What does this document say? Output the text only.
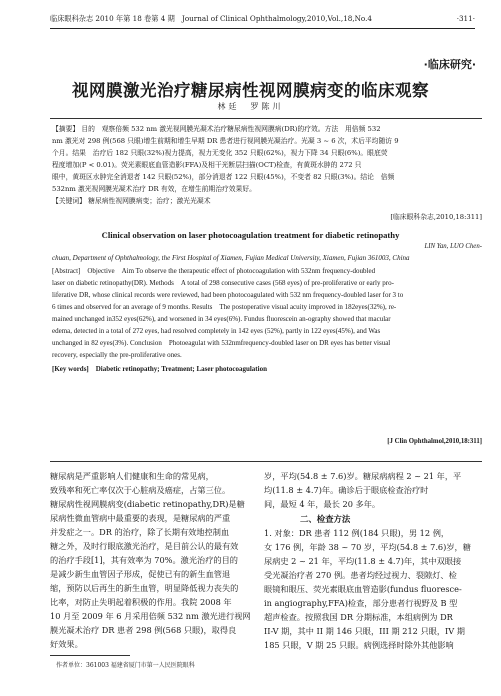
临床眼科杂志 2010 年第 18 卷第 4 期　Journal of Clinical Ophthalmology,2010,Vol.,18,No.4	·311·
·临床研究·
视网膜激光治疗糖尿病性视网膜病变的临床观察
林廷　罗陈川
【摘要】 目的　观察倍频 532 nm 激光视网膜光凝术治疗糖尿病性视网膜病(DR)的疗效。方法　用倍频 532
nm 激光对 298 例(568 只眼)增生前期和增生早期 DR 患者进行视网膜光凝治疗。光凝 3 ~ 6 次，术后平均随访 9
个月。结果　治疗后 182 只眼(32%)视力提高，视力无变化 352 只眼(62%)，视力下降 34 只眼(6%)。眼底荧
程度增加(P < 0.01)。荧光素眼底血管造影(FFA)及相干光断层扫描(OCT)检查，有黄斑水肿的 272 只
眼中，黄斑区水肿完全消退者 142 只眼(52%)，部分消退者 122 只眼(45%)，不变者 82 只眼(3%)。结论　倍频
532nm 激光视网膜光凝术治疗 DR 有效，在增生前期治疗效果好。
【关键词】 糖尿病性视网膜病变；治疗；激光光凝术
[临床眼科杂志,2010,18:311]
Clinical observation on laser photocoagulation treatment for diabetic retinopathy
LIN Yan, LUO Chen-
chuan, Department of Ophthalmology, the First Hospital of Xiamen, Fujian Medical University, Xiamen, Fujian 361003, China
[Abstract]　Objective　Aim To observe the therapeutic effect of photocoagulation with 532nm frequency-doubled
laser on diabetic retinopathy(DR). Methods　A total of 298 consecutive cases (568 eyes) of pre-proliferative or early pro-
liferative DR, whose clinical records were reviewed, had been photocoagulated with 532 nm frequency-doubled laser for 3 to
6 times and observed for an average of 9 months. Results　The postoperative visual acuity improved in 182eyes(32%), re-
mained unchanged in352 eyes(62%), and worsened in 34 eyes(6%). Fundus fluorescein an-ography showed that macular
edema, detected in a total of 272 eyes, had resolved completely in 142 eyes (52%), partly in 122 eyes(45%), and Was
unchanged in 82 eyes(3%). Conclusion　Photoeagulat with 532nmfrequency-doubled laser on DR eyes has better visual
recovery, especially the pre-proliferative ones.
[Key words]　Diabetic retinopathy; Treatment; Laser photocoagulation
[J Clin Ophthalmol,2010,18:311]
糖尿病是严重影响人们健康和生命的常见病，
致残率和死亡率仅次于心脏病及癌症，占第三位。
糖尿病性视网膜病变(diabetic retinopathy,DR)是糖
尿病性微血管病中最重要的表现，是糖尿病的严重
并发症之一。DR 的治疗，除了长期有效地控制血
糖之外，及时行眼底激光治疗，是目前公认的最有效
的治疗手段[1]，其有效率为 70%。激光治疗的目的
是减少新生血管因子形成，促使已有的新生血管退
缩，预防以后再生的新生血管，明显降低视力丧失的
比率，对防止失明起着积极的作用。我院 2008 年
10 月至 2009 年 6 月采用倍频 532 nm 激光进行视网
膜光凝术治疗 DR 患者 298 例(568 只眼)，取得良
好效果。
岁，平均(54.8 ± 7.6)岁。糖尿病病程 2 ~ 21 年，平
均(11.8 ± 4.7)年。确诊后于眼底检查治疗时
间，最短 4 年，最长 20 多年。
二、检查方法
1. 对象：DR 患者 112 例(184 只眼)，男 12 例，
女 176 例，年龄 38 ~ 70 岁，平均(54.8 ± 7.6)岁，糖
尿病史 2 ~ 21 年，平均(11.8 ± 4.7)年，其中双眼接
受光凝治疗者 270 例。患者均经过视力、裂隙灯、检
眼镜和眼压、荧光素眼底血管造影(fundus fluoresce-
in angiography,FFA)检查，部分患者行视野及 B 型
超声检查。按照我国 DR 分期标准，本组病例为 DR
II-V 期，其中 II 期 146 只眼，III 期 212 只眼，IV 期
185 只眼，V 期 25 只眼。病例选择时除外其他影响
作者单位：361003 福建省厦门市第一人民医院眼科
